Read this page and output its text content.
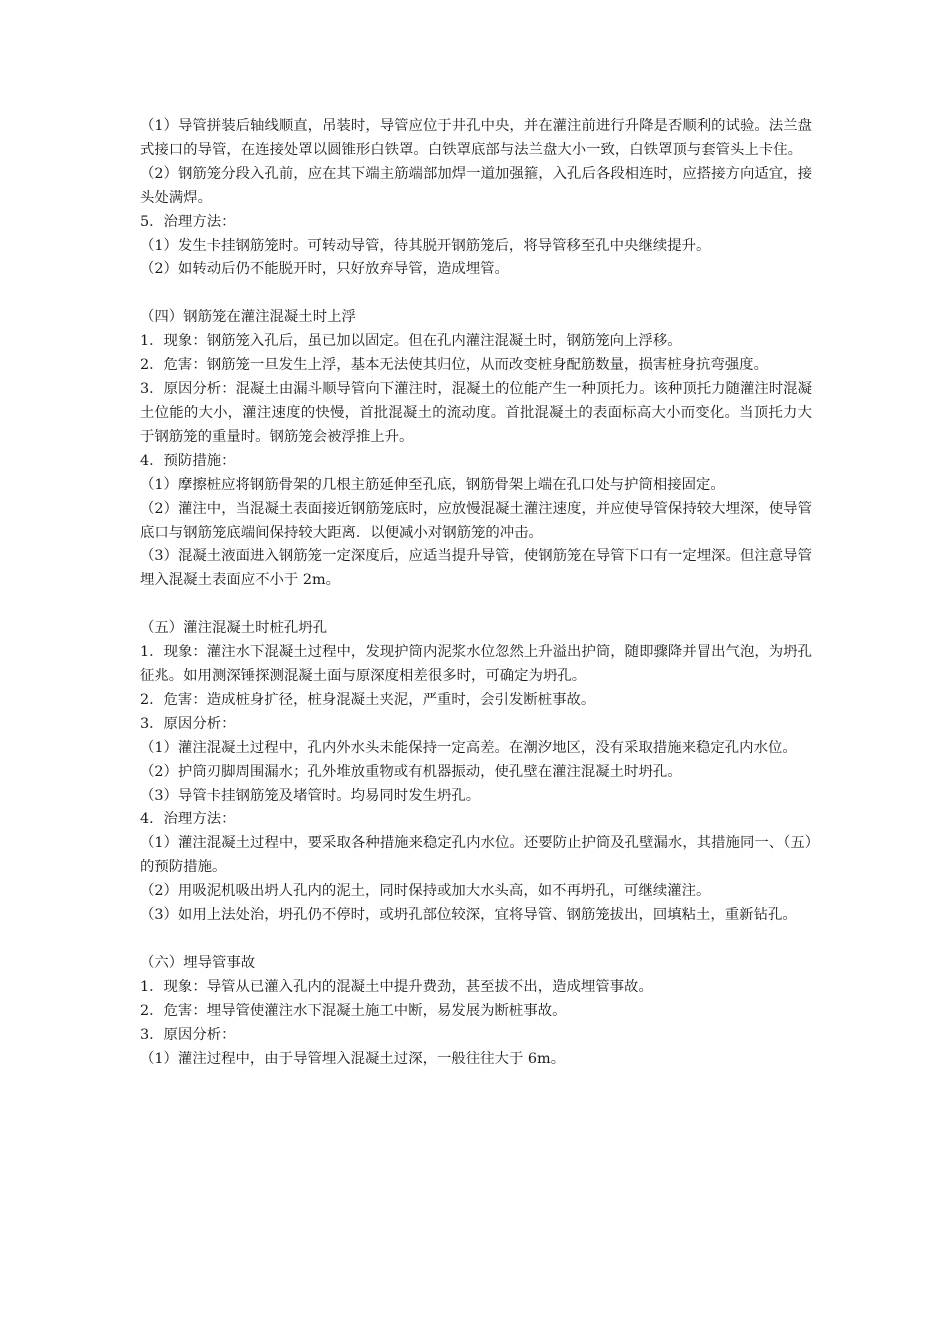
（1）导管拼装后轴线顺直，吊装时，导管应位于井孔中央，并在灌注前进行升降是否顺利的试验。法兰盘式接口的导管，在连接处罩以圆锥形白铁罩。白铁罩底部与法兰盘大小一致，白铁罩顶与套管头上卡住。

（2）钢筋笼分段入孔前，应在其下端主筋端部加焊一道加强箍，入孔后各段相连时，应搭接方向适宜，接头处满焊。

5．治理方法：

（1）发生卡挂钢筋笼时。可转动导管，待其脱开钢筋笼后，将导管移至孔中央继续提升。

（2）如转动后仍不能脱开时，只好放弃导管，造成埋管。

（四）钢筋笼在灌注混凝土时上浮

1．现象：钢筋笼入孔后，虽已加以固定。但在孔内灌注混凝土时，钢筋笼向上浮移。

2．危害：钢筋笼一旦发生上浮，基本无法使其归位，从而改变桩身配筋数量，损害桩身抗弯强度。

3．原因分析：混凝土由漏斗顺导管向下灌注时，混凝土的位能产生一种顶托力。该种顶托力随灌注时混凝土位能的大小，灌注速度的快慢，首批混凝土的流动度。首批混凝土的表面标高大小而变化。当顶托力大于钢筋笼的重量时。钢筋笼会被浮推上升。

4．预防措施：

（1）摩擦桩应将钢筋骨架的几根主筋延伸至孔底，钢筋骨架上端在孔口处与护筒相接固定。

（2）灌注中，当混凝土表面接近钢筋笼底时，应放慢混凝土灌注速度，并应使导管保持较大埋深，使导管底口与钢筋笼底端间保持较大距离．以便减小对钢筋笼的冲击。

（3）混凝土液面进入钢筋笼一定深度后，应适当提升导管，使钢筋笼在导管下口有一定埋深。但注意导管埋入混凝土表面应不小于 2m。

（五）灌注混凝土时桩孔坍孔

1．现象：灌注水下混凝土过程中，发现护筒内泥浆水位忽然上升溢出护筒，随即骤降并冒出气泡，为坍孔征兆。如用测深锤探测混凝土面与原深度相差很多时，可确定为坍孔。

2．危害：造成桩身扩径，桩身混凝土夹泥，严重时，会引发断桩事故。

3．原因分析：

（1）灌注混凝土过程中，孔内外水头未能保持一定高差。在潮汐地区，没有采取措施来稳定孔内水位。

（2）护筒刃脚周围漏水；孔外堆放重物或有机器振动，使孔壁在灌注混凝土时坍孔。

（3）导管卡挂钢筋笼及堵管时。均易同时发生坍孔。

4．治理方法：

（1）灌注混凝土过程中，要采取各种措施来稳定孔内水位。还要防止护筒及孔壁漏水，其措施同一、（五）的预防措施。

（2）用吸泥机吸出坍人孔内的泥土，同时保持或加大水头高，如不再坍孔，可继续灌注。

（3）如用上法处治，坍孔仍不停时，或坍孔部位较深，宜将导管、钢筋笼拔出，回填粘土，重新钻孔。

（六）埋导管事故

1．现象：导管从已灌入孔内的混凝土中提升费劲，甚至拔不出，造成埋管事故。

2．危害：埋导管使灌注水下混凝土施工中断，易发展为断桩事故。

3．原因分析：

（1）灌注过程中，由于导管埋入混凝土过深，一般往往大于 6m。
